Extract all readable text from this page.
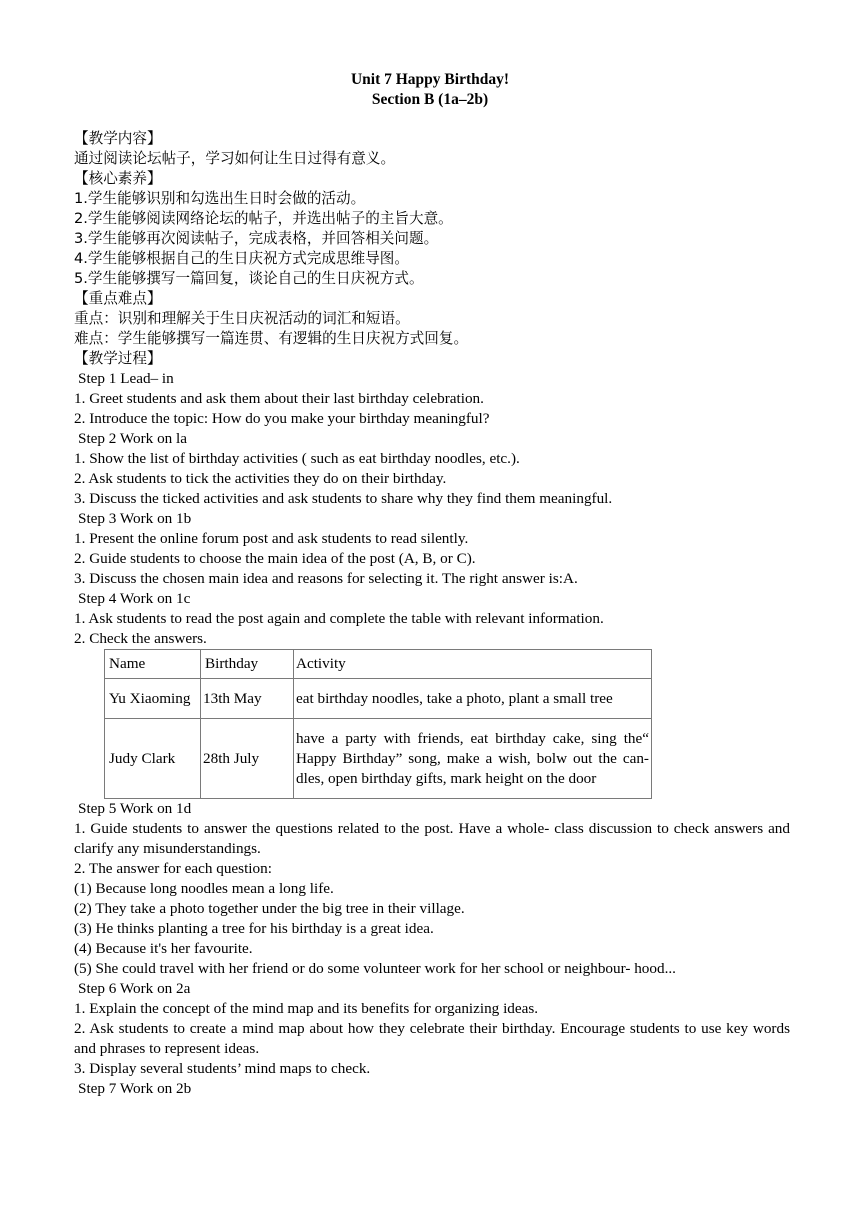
Unit 7 Happy Birthday!
Section B (1a–2b)
【教学内容】
通过阅读论坛帖子，学习如何让生日过得有意义。
【核心素养】
1.学生能够识别和勾选出生日时会做的活动。
2.学生能够阅读网络论坛的帖子，并选出帖子的主旨大意。
3.学生能够再次阅读帖子，完成表格，并回答相关问题。
4.学生能够根据自己的生日庆祝方式完成思维导图。
5.学生能够撰写一篇回复，谈论自己的生日庆祝方式。
【重点难点】
重点：识别和理解关于生日庆祝活动的词汇和短语。
难点：学生能够撰写一篇连贯、有逻辑的生日庆祝方式回复。
【教学过程】
Step 1 Lead– in
1. Greet students and ask them about their last birthday celebration.
2. Introduce the topic: How do you make your birthday meaningful?
Step 2 Work on la
1. Show the list of birthday activities ( such as eat birthday noodles, etc.).
2. Ask students to tick the activities they do on their birthday.
3. Discuss the ticked activities and ask students to share why they find them meaningful.
Step 3 Work on 1b
1. Present the online forum post and ask students to read silently.
2. Guide students to choose the main idea of the post (A, B, or C).
3. Discuss the chosen main idea and reasons for selecting it. The right answer is:A.
Step 4 Work on 1c
1. Ask students to read the post again and complete the table with relevant information.
2. Check the answers.
Name	Birthday	Activity
Yu Xiaoming	13th May	eat birthday noodles, take a photo, plant a small tree
Judy Clark	28th July	have a party with friends, eat birthday cake, sing the“ Happy Birthday” song, make a wish, bolw out the can- dles, open birthday gifts, mark height on the door
Step 5 Work on 1d
1. Guide students to answer the questions related to the post. Have a whole- class discussion to check answers and clarify any misunderstandings.
2. The answer for each question:
(1) Because long noodles mean a long life.
(2) They take a photo together under the big tree in their village.
(3) He thinks planting a tree for his birthday is a great idea.
(4) Because it's her favourite.
(5) She could travel with her friend or do some volunteer work for her school or neighbour- hood...
Step 6 Work on 2a
1. Explain the concept of the mind map and its benefits for organizing ideas.
2. Ask students to create a mind map about how they celebrate their birthday. Encourage students to use key words and phrases to represent ideas.
3. Display several students’ mind maps to check.
Step 7 Work on 2b
